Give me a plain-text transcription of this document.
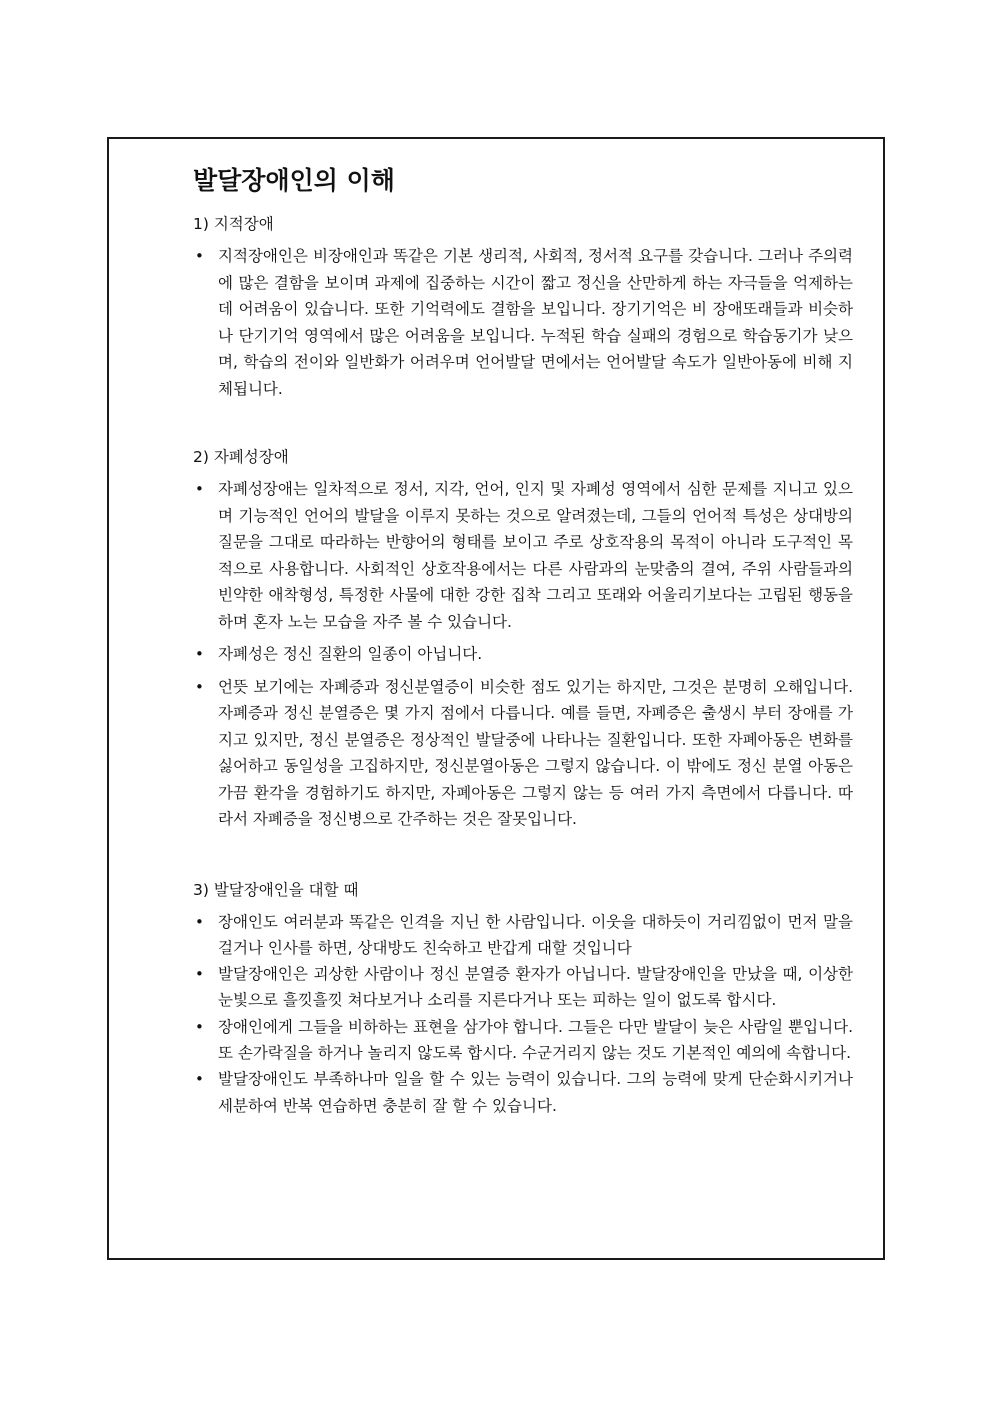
발달장애인의 이해
1) 지적장애
• 지적장애인은 비장애인과 똑같은 기본 생리적, 사회적, 정서적 요구를 갖습니다. 그러나 주의력에 많은 결함을 보이며 과제에 집중하는 시간이 짧고 정신을 산만하게 하는 자극들을 억제하는데 어려움이 있습니다. 또한 기억력에도 결함을 보입니다. 장기기억은 비 장애또래들과 비슷하나 단기기억 영역에서 많은 어려움을 보입니다. 누적된 학습 실패의 경험으로 학습동기가 낮으며, 학습의 전이와 일반화가 어려우며 언어발달 면에서는 언어발달 속도가 일반아동에 비해 지체됩니다.
2) 자폐성장애
• 자폐성장애는 일차적으로 정서, 지각, 언어, 인지 및 자폐성 영역에서 심한 문제를 지니고 있으며 기능적인 언어의 발달을 이루지 못하는 것으로 알려졌는데, 그들의 언어적 특성은 상대방의 질문을 그대로 따라하는 반향어의 형태를 보이고 주로 상호작용의 목적이 아니라 도구적인 목적으로 사용합니다. 사회적인 상호작용에서는 다른 사람과의 눈맞춤의 결여, 주위 사람들과의 빈약한 애착형성, 특정한 사물에 대한 강한 집착 그리고 또래와 어울리기보다는 고립된 행동을 하며 혼자 노는 모습을 자주 볼 수 있습니다.
• 자폐성은 정신 질환의 일종이 아닙니다.
• 언뜻 보기에는 자폐증과 정신분열증이 비슷한 점도 있기는 하지만, 그것은 분명히 오해입니다. 자폐증과 정신 분열증은 몇 가지 점에서 다릅니다. 예를 들면, 자폐증은 출생시 부터 장애를 가지고 있지만, 정신 분열증은 정상적인 발달중에 나타나는 질환입니다. 또한 자폐아동은 변화를 싫어하고 동일성을 고집하지만, 정신분열아동은 그렇지 않습니다. 이 밖에도 정신 분열 아동은 가끔 환각을 경험하기도 하지만, 자폐아동은 그렇지 않는 등 여러 가지 측면에서 다릅니다. 따라서 자폐증을 정신병으로 간주하는 것은 잘못입니다.
3) 발달장애인을 대할 때
• 장애인도 여러분과 똑같은 인격을 지닌 한 사람입니다. 이웃을 대하듯이 거리낌없이 먼저 말을 걸거나 인사를 하면, 상대방도 친숙하고 반갑게 대할 것입니다
• 발달장애인은 괴상한 사람이나 정신 분열증 환자가 아닙니다. 발달장애인을 만났을 때, 이상한 눈빛으로 흘낏흘낏 쳐다보거나 소리를 지른다거나 또는 피하는 일이 없도록 합시다.
• 장애인에게 그들을 비하하는 표현을 삼가야 합니다. 그들은 다만 발달이 늦은 사람일 뿐입니다. 또 손가락질을 하거나 놀리지 않도록 합시다. 수군거리지 않는 것도 기본적인 예의에 속합니다.
• 발달장애인도 부족하나마 일을 할 수 있는 능력이 있습니다. 그의 능력에 맞게 단순화시키거나 세분하여 반복 연습하면 충분히 잘 할 수 있습니다.
